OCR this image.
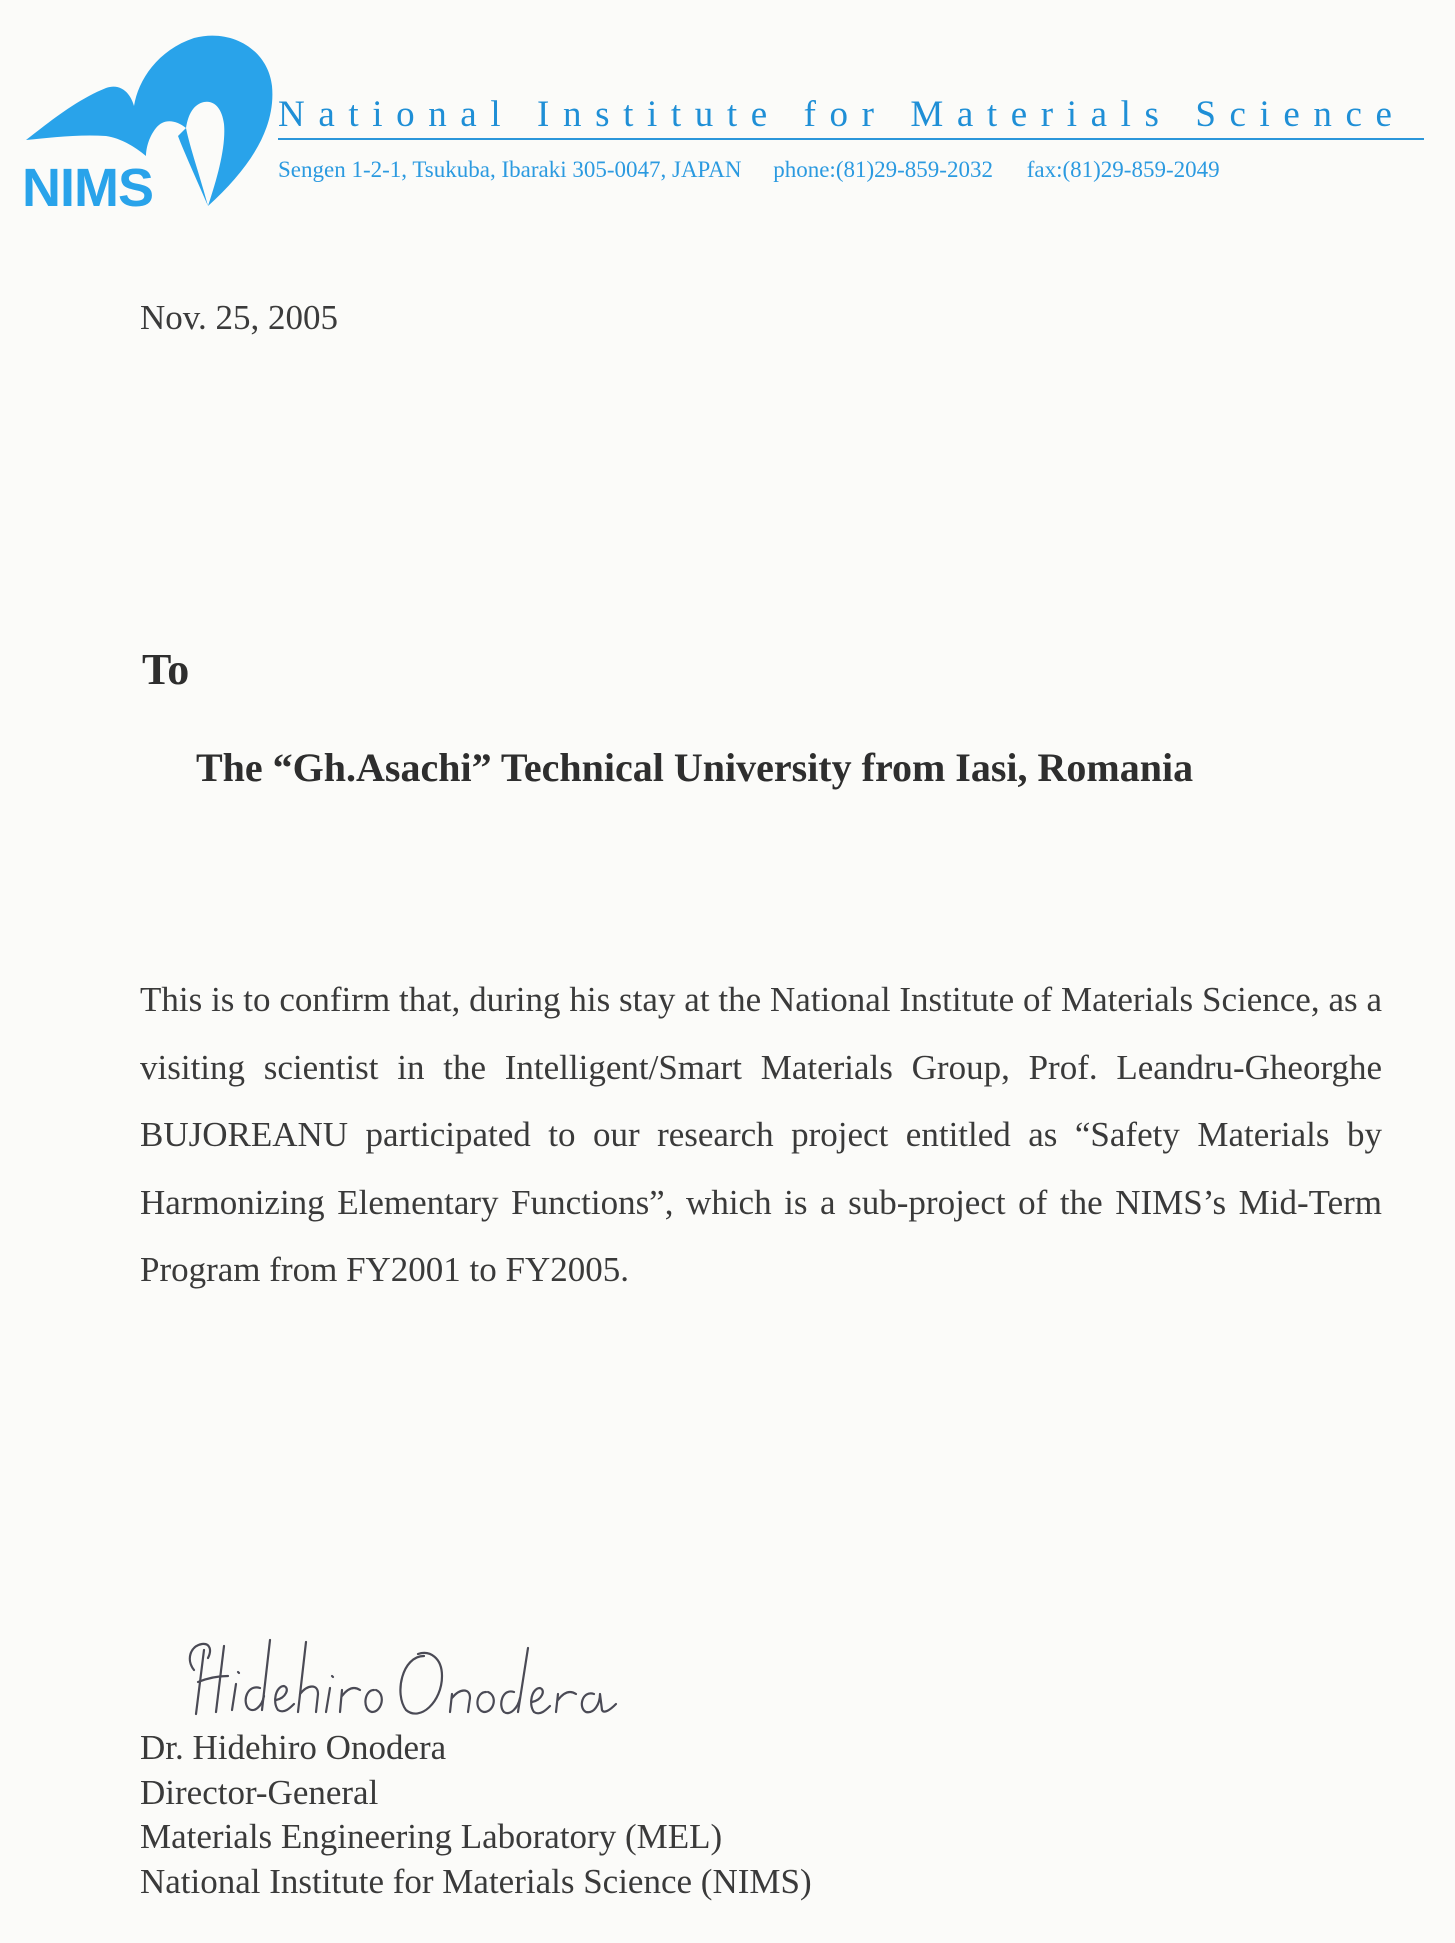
NIMS
National Institute for Materials Science
Sengen 1-2-1, Tsukuba, Ibaraki 305-0047, JAPAN phone:(81)29-859-2032 fax:(81)29-859-2049
Nov. 25, 2005
To
The “Gh.Asachi” Technical University from Iasi, Romania
This is to confirm that, during his stay at the National Institute of Materials Science, as a visiting scientist in the Intelligent/Smart Materials Group, Prof. Leandru-Gheorghe BUJOREANU participated to our research project entitled as “Safety Materials by Harmonizing Elementary Functions”, which is a sub-project of the NIMS’s Mid-Term Program from FY2001 to FY2005.
Dr. Hidehiro Onodera
Director-General
Materials Engineering Laboratory (MEL)
National Institute for Materials Science (NIMS)
